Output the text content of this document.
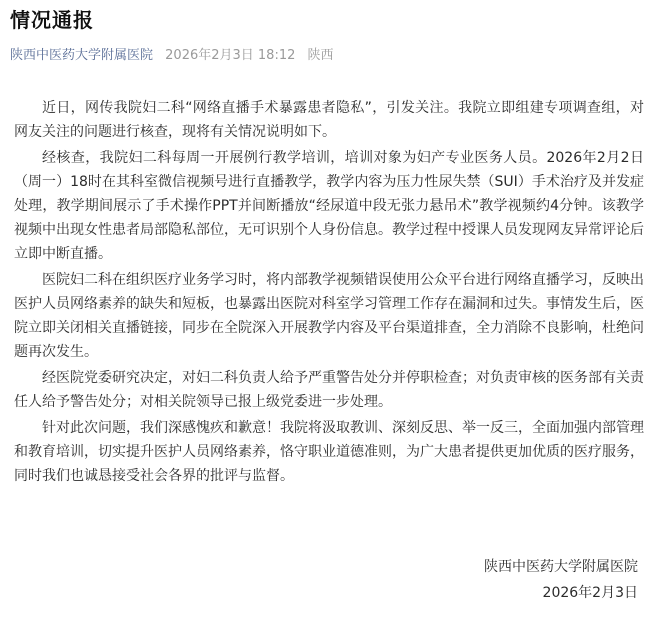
情况通报
陕西中医药大学附属医院 2026年2月3日 18:12 陕西

近日，网传我院妇二科“网络直播手术暴露患者隐私”，引发关注。我院立即组建专项调查组，对网友关注的问题进行核查，现将有关情况说明如下。

经核查，我院妇二科每周一开展例行教学培训，培训对象为妇产专业医务人员。2026年2月2日（周一）18时在其科室微信视频号进行直播教学，教学内容为压力性尿失禁（SUI）手术治疗及并发症处理，教学期间展示了手术操作PPT并间断播放“经尿道中段无张力悬吊术”教学视频约4分钟。该教学视频中出现女性患者局部隐私部位，无可识别个人身份信息。教学过程中授课人员发现网友异常评论后立即中断直播。

医院妇二科在组织医疗业务学习时，将内部教学视频错误使用公众平台进行网络直播学习，反映出医护人员网络素养的缺失和短板，也暴露出医院对科室学习管理工作存在漏洞和过失。事情发生后，医院立即关闭相关直播链接，同步在全院深入开展教学内容及平台渠道排查，全力消除不良影响，杜绝问题再次发生。

经医院党委研究决定，对妇二科负责人给予严重警告处分并停职检查；对负责审核的医务部有关责任人给予警告处分；对相关院领导已报上级党委进一步处理。

针对此次问题，我们深感愧疚和歉意！我院将汲取教训、深刻反思、举一反三，全面加强内部管理和教育培训，切实提升医护人员网络素养，恪守职业道德准则，为广大患者提供更加优质的医疗服务，同时我们也诚恳接受社会各界的批评与监督。

陕西中医药大学附属医院
2026年2月3日
